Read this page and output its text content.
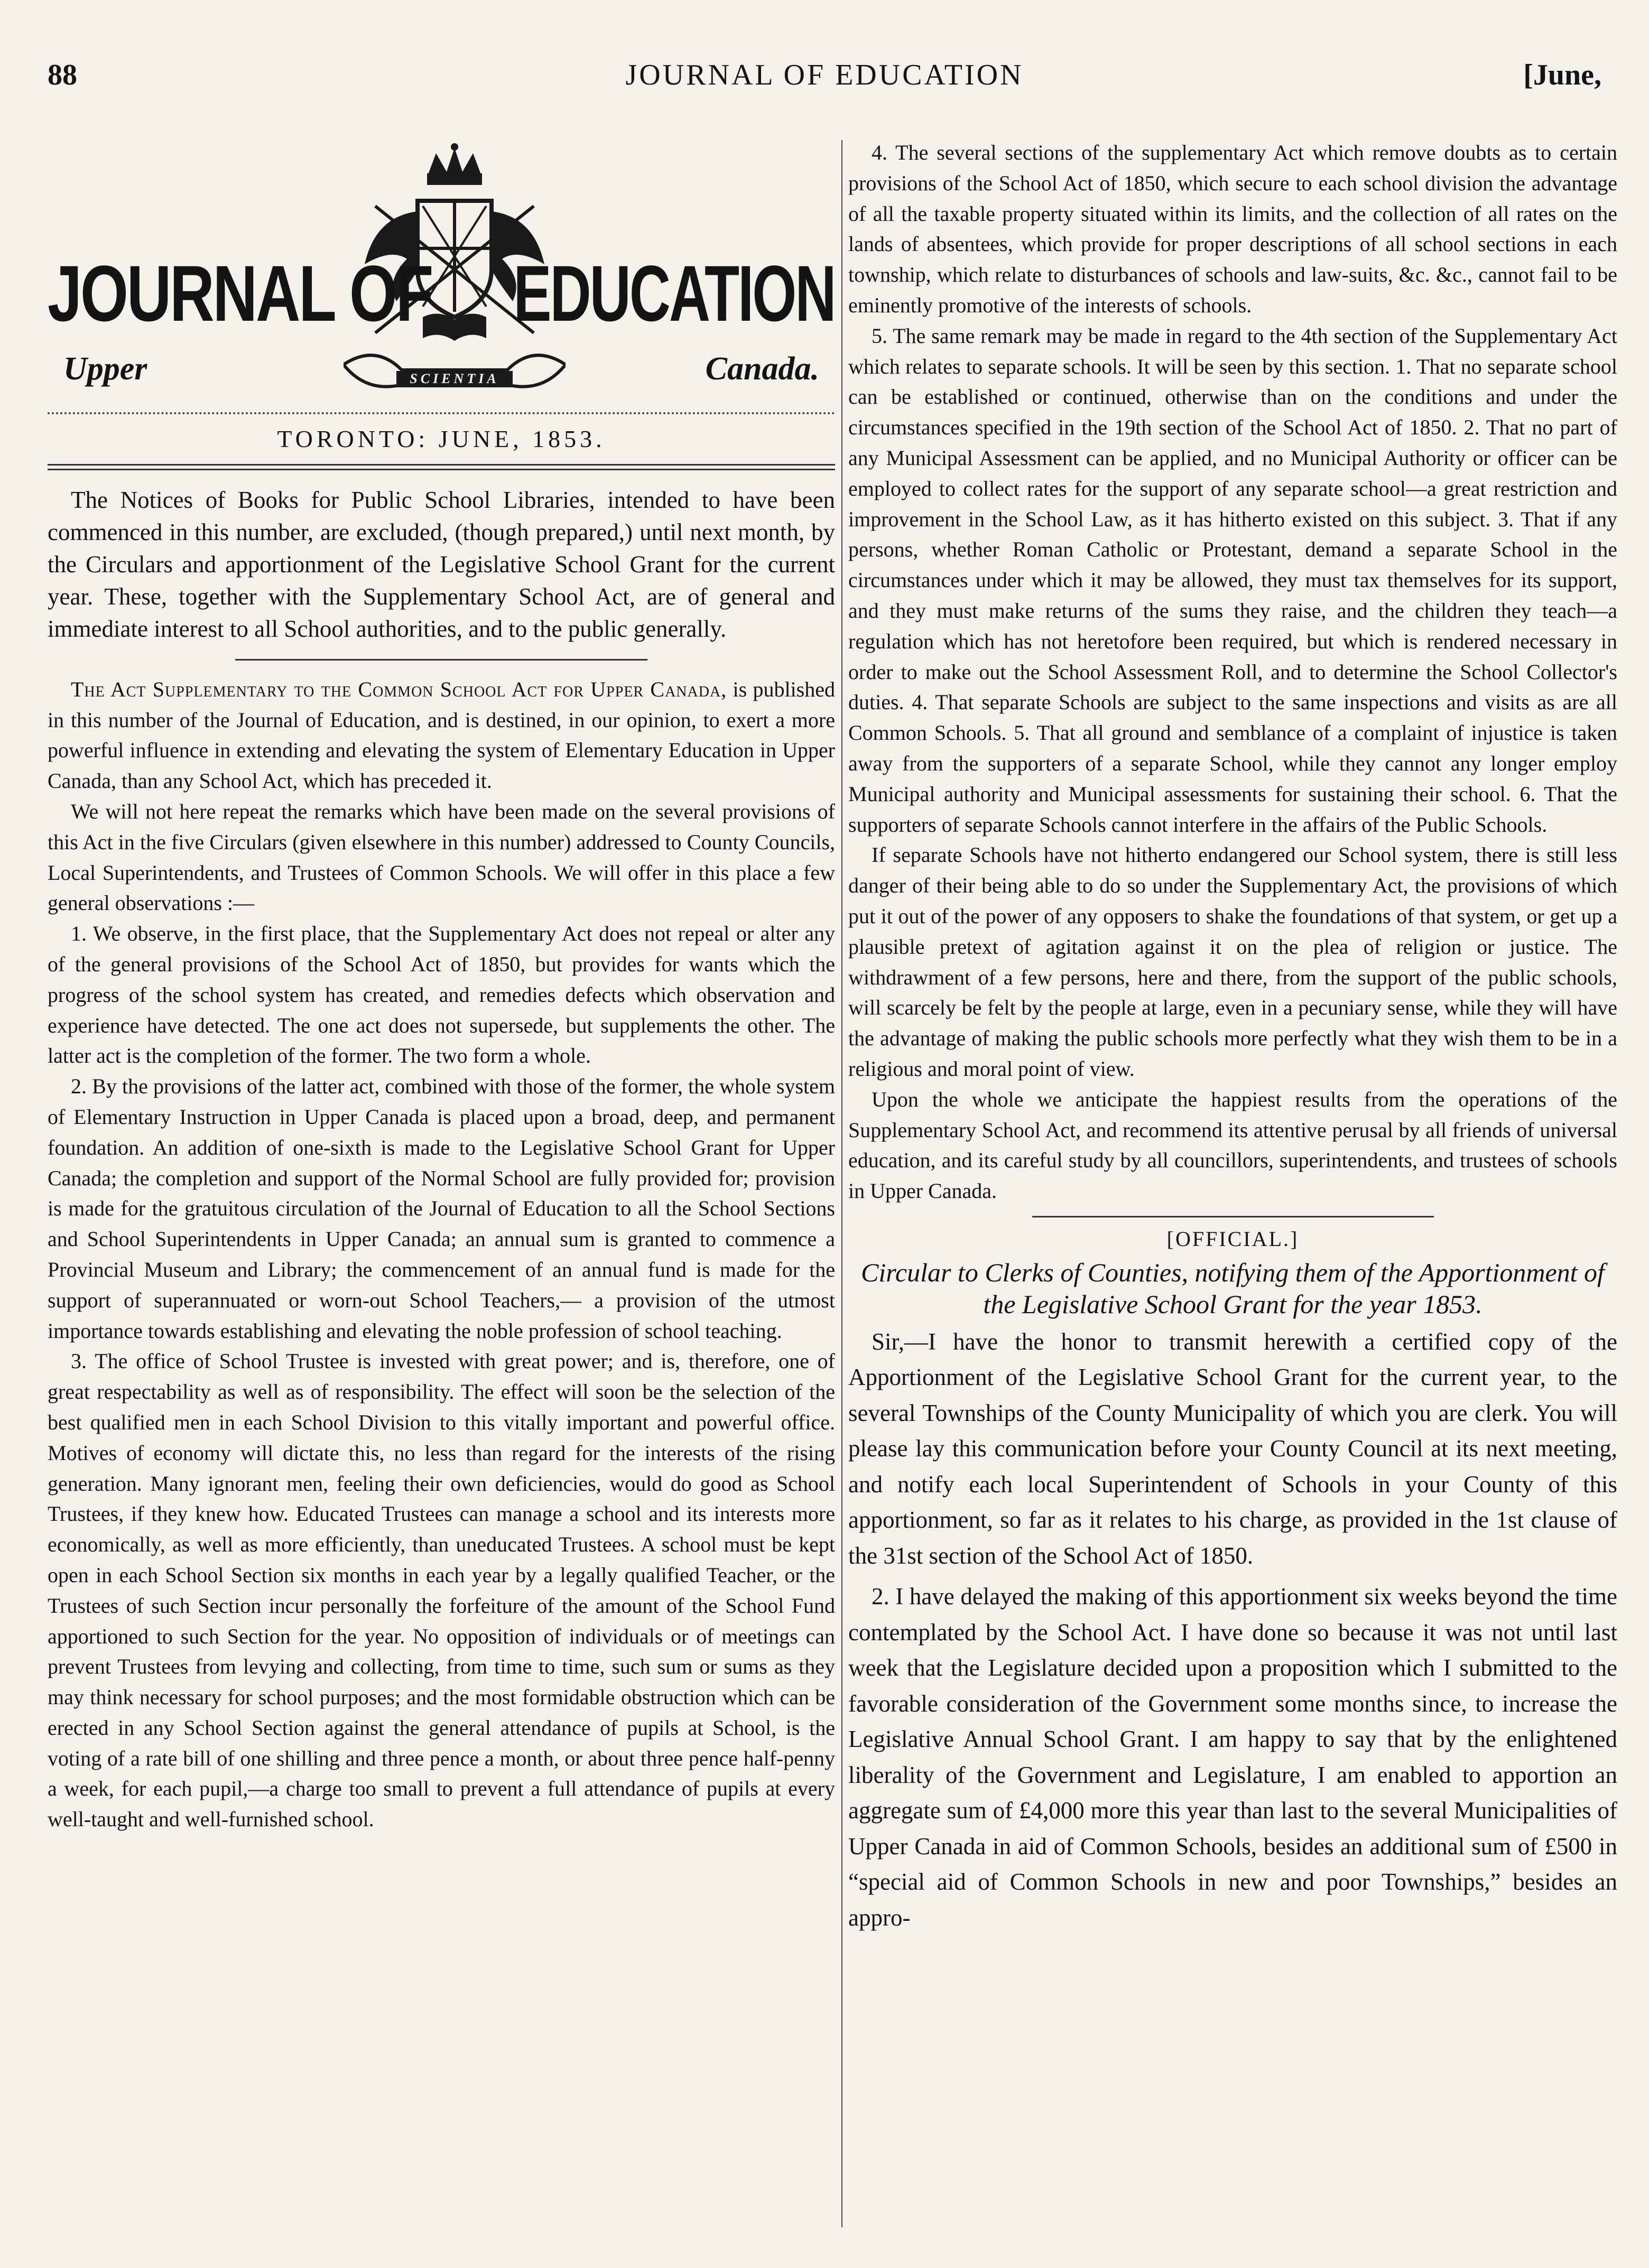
88	JOURNAL OF EDUCATION	[June,
SCIENTIA
JOURNAL OF EDUCATION
Upper	Canada.
TORONTO: JUNE, 1853.

The Notices of Books for Public School Libraries, intended to have been commenced in this number, are excluded, (though prepared,) until next month, by the Circulars and apportionment of the Legislative School Grant for the current year. These, together with the Supplementary School Act, are of general and immediate interest to all School authorities, and to the public generally.

The Act Supplementary to the Common School Act for Upper Canada, is published in this number of the Journal of Education, and is destined, in our opinion, to exert a more powerful influence in extending and elevating the system of Elementary Education in Upper Canada, than any School Act, which has preceded it.

We will not here repeat the remarks which have been made on the several provisions of this Act in the five Circulars (given elsewhere in this number) addressed to County Councils, Local Superintendents, and Trustees of Common Schools. We will offer in this place a few general observations :—

1. We observe, in the first place, that the Supplementary Act does not repeal or alter any of the general provisions of the School Act of 1850, but provides for wants which the progress of the school system has created, and remedies defects which observation and experience have detected. The one act does not supersede, but supplements the other. The latter act is the completion of the former. The two form a whole.

2. By the provisions of the latter act, combined with those of the former, the whole system of Elementary Instruction in Upper Canada is placed upon a broad, deep, and permanent foundation. An addition of one-sixth is made to the Legislative School Grant for Upper Canada; the completion and support of the Normal School are fully provided for; provision is made for the gratuitous circulation of the Journal of Education to all the School Sections and School Superintendents in Upper Canada; an annual sum is granted to commence a Provincial Museum and Library; the commencement of an annual fund is made for the support of superannuated or worn-out School Teachers,— a provision of the utmost importance towards establishing and elevating the noble profession of school teaching.

3. The office of School Trustee is invested with great power; and is, therefore, one of great respectability as well as of responsibility. The effect will soon be the selection of the best qualified men in each School Division to this vitally important and powerful office. Motives of economy will dictate this, no less than regard for the interests of the rising generation. Many ignorant men, feeling their own deficiencies, would do good as School Trustees, if they knew how. Educated Trustees can manage a school and its interests more economically, as well as more efficiently, than uneducated Trustees. A school must be kept open in each School Section six months in each year by a legally qualified Teacher, or the Trustees of such Section incur personally the forfeiture of the amount of the School Fund apportioned to such Section for the year. No opposition of individuals or of meetings can prevent Trustees from levying and collecting, from time to time, such sum or sums as they may think necessary for school purposes; and the most formidable obstruction which can be erected in any School Section against the general attendance of pupils at School, is the voting of a rate bill of one shilling and three pence a month, or about three pence half-penny a week, for each pupil,—a charge too small to prevent a full attendance of pupils at every well-taught and well-furnished school.

4. The several sections of the supplementary Act which remove doubts as to certain provisions of the School Act of 1850, which secure to each school division the advantage of all the taxable property situated within its limits, and the collection of all rates on the lands of absentees, which provide for proper descriptions of all school sections in each township, which relate to disturbances of schools and law-suits, &c. &c., cannot fail to be eminently promotive of the interests of schools.

5. The same remark may be made in regard to the 4th section of the Supplementary Act which relates to separate schools. It will be seen by this section. 1. That no separate school can be established or continued, otherwise than on the conditions and under the circumstances specified in the 19th section of the School Act of 1850. 2. That no part of any Municipal Assessment can be applied, and no Municipal Authority or officer can be employed to collect rates for the support of any separate school—a great restriction and improvement in the School Law, as it has hitherto existed on this subject. 3. That if any persons, whether Roman Catholic or Protestant, demand a separate School in the circumstances under which it may be allowed, they must tax themselves for its support, and they must make returns of the sums they raise, and the children they teach—a regulation which has not heretofore been required, but which is rendered necessary in order to make out the School Assessment Roll, and to determine the School Collector's duties. 4. That separate Schools are subject to the same inspections and visits as are all Common Schools. 5. That all ground and semblance of a complaint of injustice is taken away from the supporters of a separate School, while they cannot any longer employ Municipal authority and Municipal assessments for sustaining their school. 6. That the supporters of separate Schools cannot interfere in the affairs of the Public Schools.

If separate Schools have not hitherto endangered our School system, there is still less danger of their being able to do so under the Supplementary Act, the provisions of which put it out of the power of any opposers to shake the foundations of that system, or get up a plausible pretext of agitation against it on the plea of religion or justice. The withdrawment of a few persons, here and there, from the support of the public schools, will scarcely be felt by the people at large, even in a pecuniary sense, while they will have the advantage of making the public schools more perfectly what they wish them to be in a religious and moral point of view.

Upon the whole we anticipate the happiest results from the operations of the Supplementary School Act, and recommend its attentive perusal by all friends of universal education, and its careful study by all councillors, superintendents, and trustees of schools in Upper Canada.

[OFFICIAL.]
Circular to Clerks of Counties, notifying them of the Apportionment of the Legislative School Grant for the year 1853.

Sir,—I have the honor to transmit herewith a certified copy of the Apportionment of the Legislative School Grant for the current year, to the several Townships of the County Municipality of which you are clerk. You will please lay this communication before your County Council at its next meeting, and notify each local Superintendent of Schools in your County of this apportionment, so far as it relates to his charge, as provided in the 1st clause of the 31st section of the School Act of 1850.

2. I have delayed the making of this apportionment six weeks beyond the time contemplated by the School Act. I have done so because it was not until last week that the Legislature decided upon a proposition which I submitted to the favorable consideration of the Government some months since, to increase the Legislative Annual School Grant. I am happy to say that by the enlightened liberality of the Government and Legislature, I am enabled to apportion an aggregate sum of £4,000 more this year than last to the several Municipalities of Upper Canada in aid of Common Schools, besides an additional sum of £500 in “special aid of Common Schools in new and poor Townships,” besides an appro-
